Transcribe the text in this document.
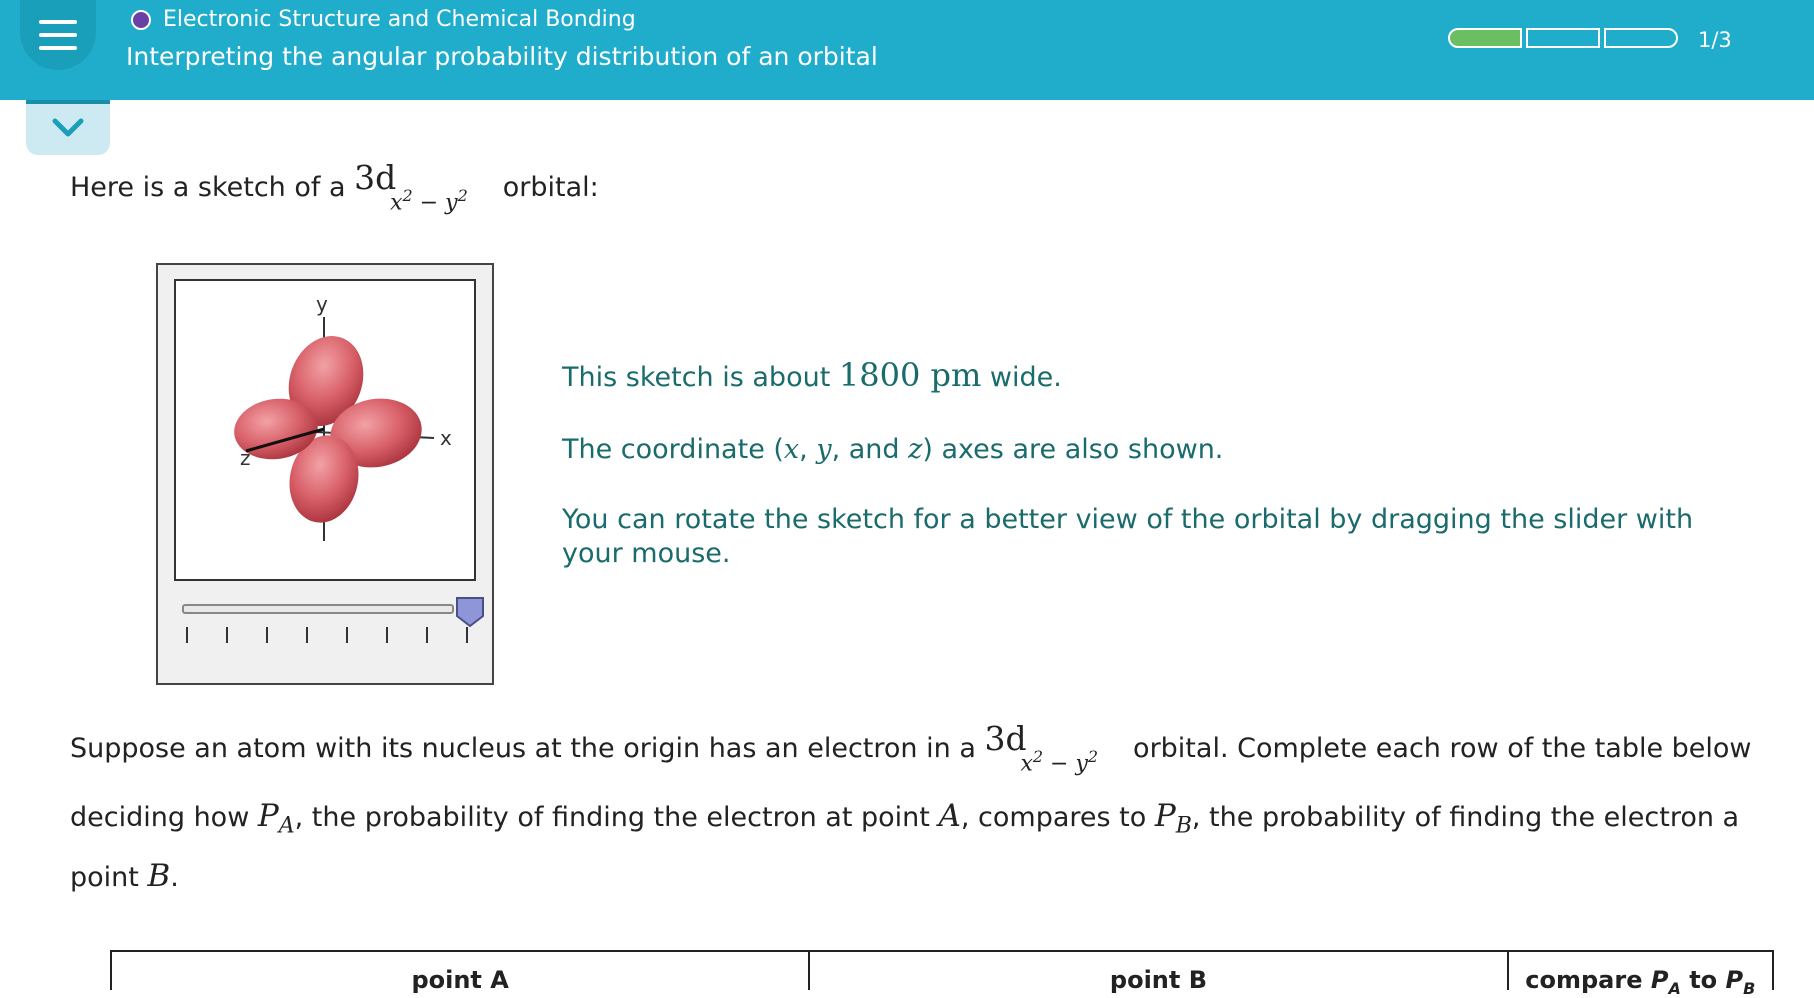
Electronic Structure and Chemical Bonding
Interpreting the angular probability distribution of an orbital
1/3
Here is a sketch of a 3d
$x^2 - y^2$ orbital:
y
x
z
This sketch is about 1800 pm wide.
The coordinate (x, y, and z) axes are also shown.
You can rotate the sketch for a better view of the orbital by dragging the slider with
your mouse.
Suppose an atom with its nucleus at the origin has an electron in a 3d
$x^2 - y^2$ orbital. Complete each row of the table below
deciding how $P_A$, the probability of finding the electron at point A, compares to $P_B$, the probability of finding the electron a
point B.
point A	point B	compare $P_A$ to $P_B$
